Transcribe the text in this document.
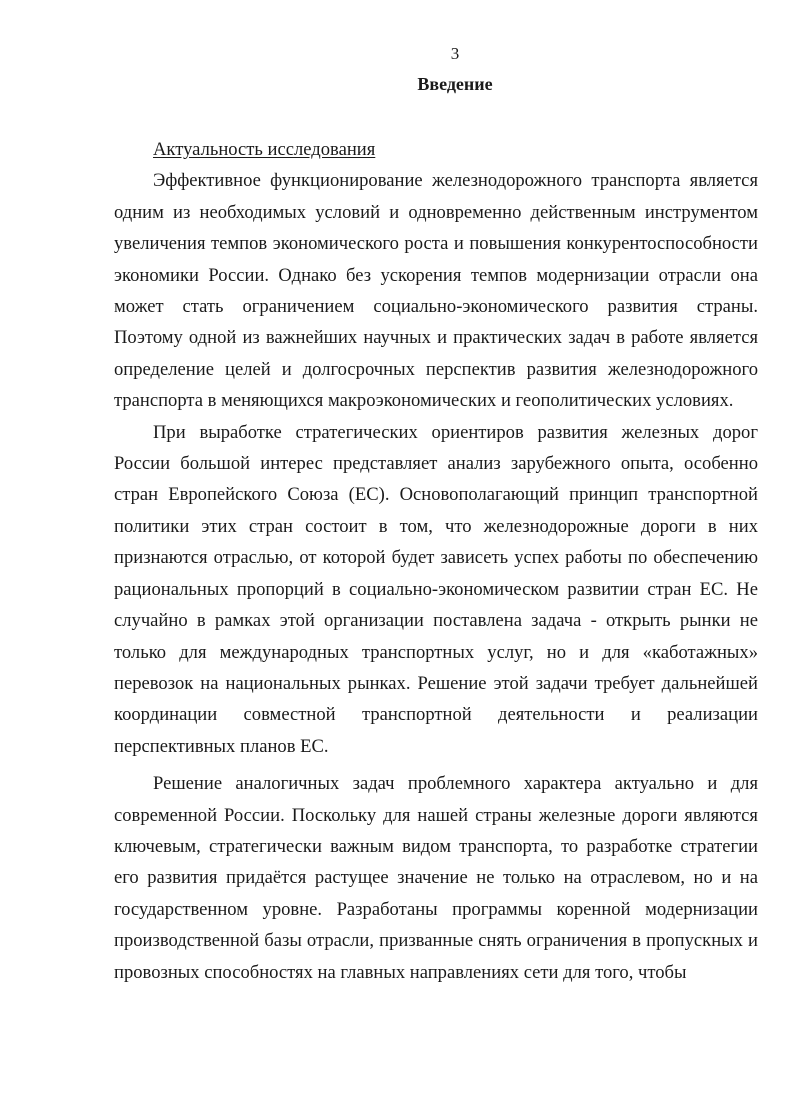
3
Введение

Актуальность исследования

Эффективное функционирование железнодорожного транспорта является одним из необходимых условий и одновременно действенным инструментом увеличения темпов экономического роста и повышения конкурентоспособности экономики России. Однако без ускорения темпов модернизации отрасли она может стать ограничением социально-экономического развития страны. Поэтому одной из важнейших научных и практических задач в работе является определение целей и долгосрочных перспектив развития железнодорожного транспорта в меняющихся макроэкономических и геополитических условиях.

При выработке стратегических ориентиров развития железных дорог России большой интерес представляет анализ зарубежного опыта, особенно стран Европейского Союза (ЕС). Основополагающий принцип транспортной политики этих стран состоит в том, что железнодорожные дороги в них признаются отраслью, от которой будет зависеть успех работы по обеспечению рациональных пропорций в социально-экономическом развитии стран ЕС. Не случайно в рамках этой организации поставлена задача - открыть рынки не только для международных транспортных услуг, но и для «каботажных» перевозок на национальных рынках. Решение этой задачи требует дальнейшей координации совместной транспортной деятельности и реализации перспективных планов ЕС.

Решение аналогичных задач проблемного характера актуально и для современной России. Поскольку для нашей страны железные дороги являются ключевым, стратегически важным видом транспорта, то разработке стратегии его развития придаётся растущее значение не только на отраслевом, но и на государственном уровне. Разработаны программы коренной модернизации производственной базы отрасли, призванные снять ограничения в пропускных и провозных способностях на главных направлениях сети для того, чтобы
